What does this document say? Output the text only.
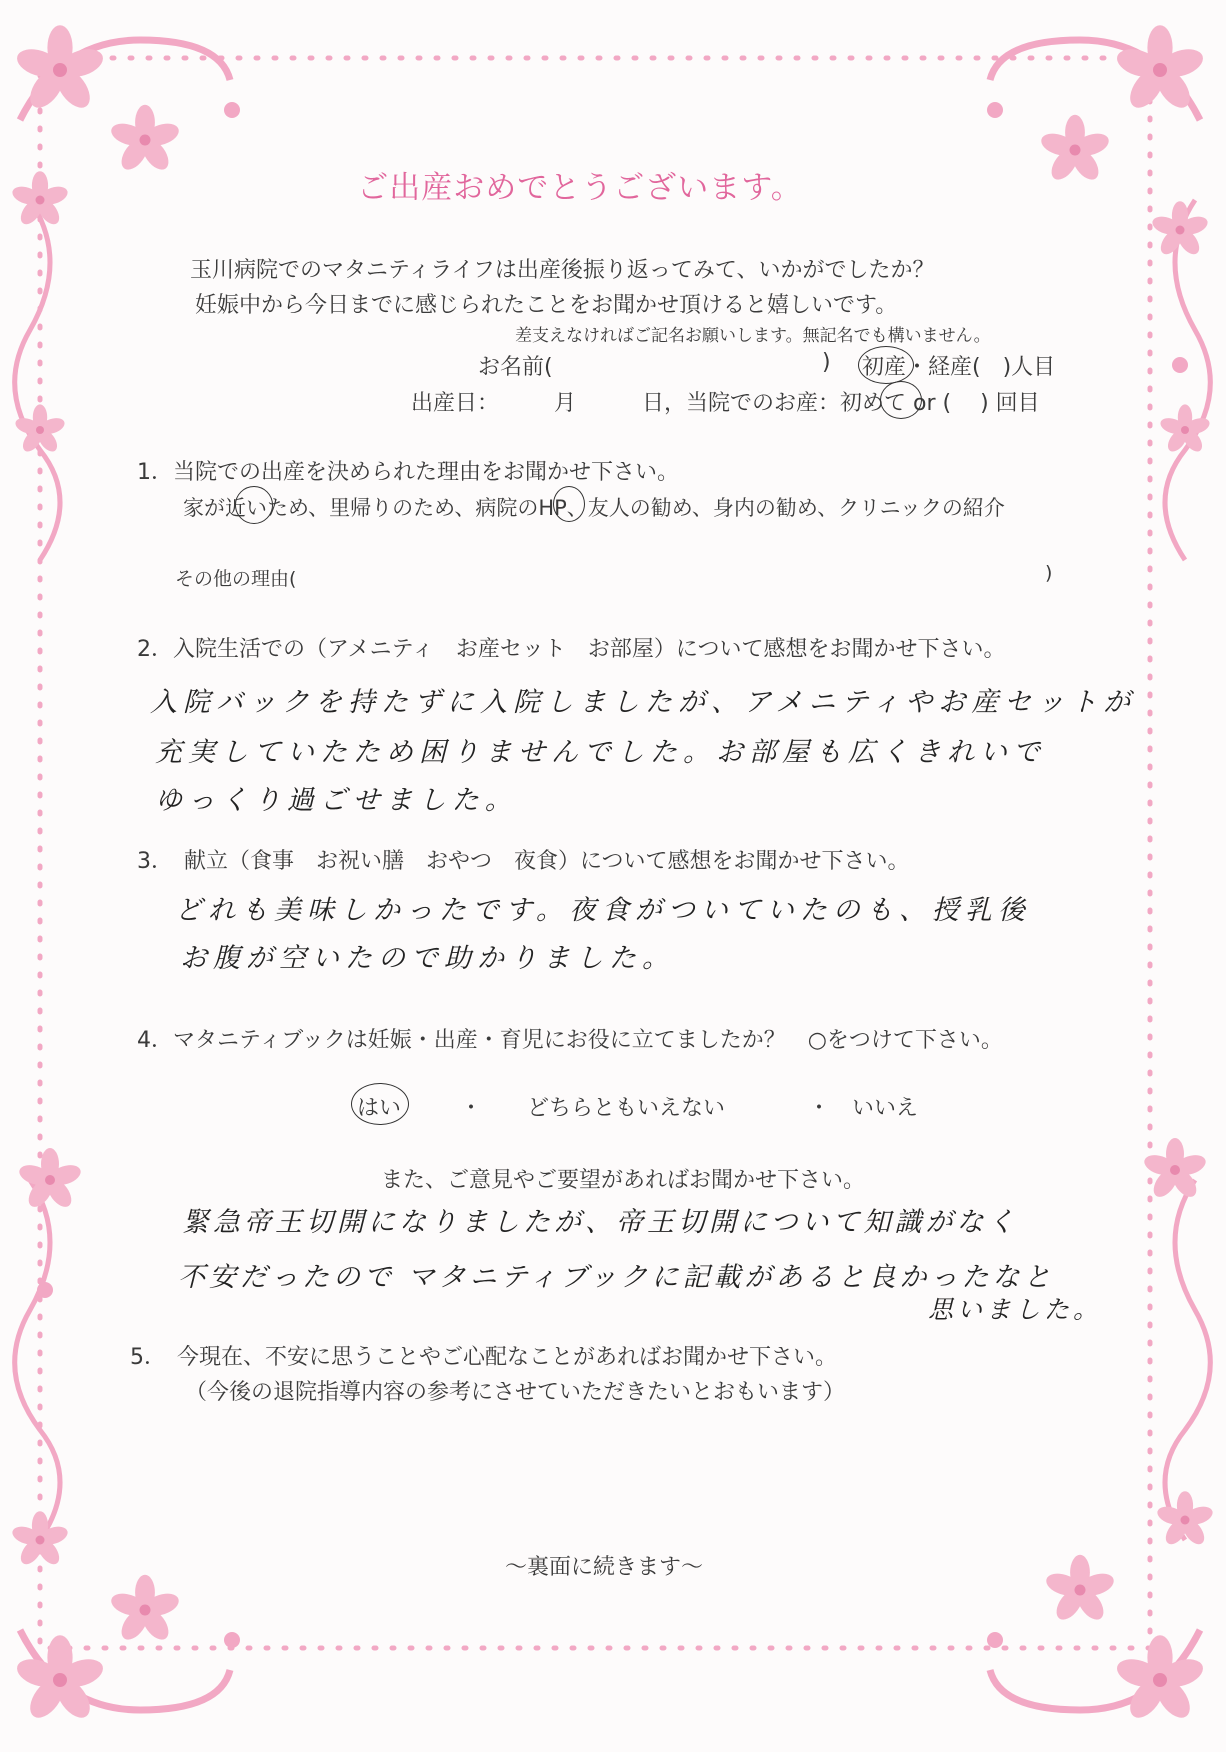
ご出産おめでとうございます。
玉川病院でのマタニティライフは出産後振り返ってみて、いかがでしたか？
妊娠中から今日までに感じられたことをお聞かせ頂けると嬉しいです。
差支えなければご記名お願いします。無記名でも構いません。
お名前(	) 初産・経産(　)人目
出産日：　　　月　　　日， 当院でのお産：初めて or (　 ) 回目
1．当院での出産を決められた理由をお聞かせ下さい。
家が近いため、里帰りのため、病院のHP、友人の勧め、身内の勧め、クリニックの紹介
その他の理由(	)
2．入院生活での（アメニティ　お産セット　お部屋）について感想をお聞かせ下さい。
入院バックを持たずに入院しましたが、アメニティやお産セットが
充実していたため困りませんでした。お部屋も広くきれいで
ゆっくり過ごせました。
3．　献立（食事　お祝い膳　おやつ　夜食）について感想をお聞かせ下さい。
どれも美味しかったです。夜食がついていたのも、授乳後
お腹が空いたので助かりました。
4．マタニティブックは妊娠・出産・育児にお役に立てましたか？　○をつけて下さい。
はい	・ どちらともいえない	・ いいえ
また、ご意見やご要望があればお聞かせ下さい。
緊急帝王切開になりましたが、帝王切開について知識がなく
不安だったので マタニティブックに記載があると良かったなと
思いました。
5．　今現在、不安に思うことやご心配なことがあればお聞かせ下さい。
（今後の退院指導内容の参考にさせていただきたいとおもいます）
～裏面に続きます～
